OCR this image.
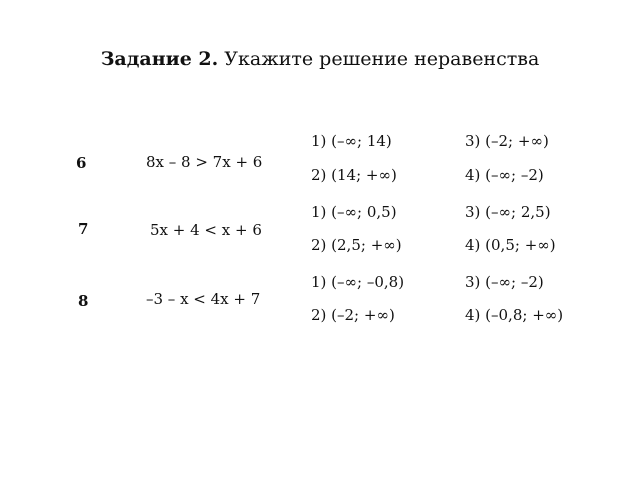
Задание 2. Укажите решение неравенства
6	8x – 8 > 7x + 6
1) (–∞; 14)
2) (14; +∞)
3) (–2; +∞)
4) (–∞; –2)
7	5x + 4 < x + 6
1) (–∞; 0,5)
2) (2,5; +∞)
3) (–∞; 2,5)
4) (0,5; +∞)
8	–3 – x < 4x + 7
1) (–∞; –0,8)
2) (–2; +∞)
3) (–∞; –2)
4) (–0,8; +∞)
